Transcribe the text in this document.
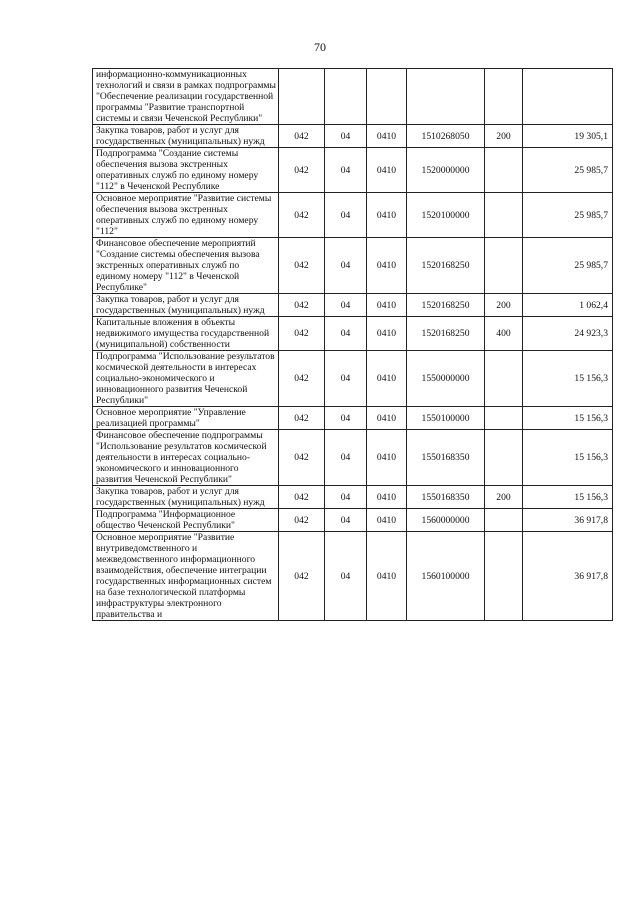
70
информационно-коммуникационных технологий и связи в рамках подпрограммы "Обеспечение реализации государственной программы "Развитие транспортной системы и связи Чеченской Республики"						
Закупка товаров, работ и услуг для государственных (муниципальных) нужд	042	04	0410	1510268050	200	19 305,1
Подпрограмма "Создание системы обеспечения вызова экстренных оперативных служб по единому номеру "112" в Чеченской Республике	042	04	0410	1520000000		25 985,7
Основное мероприятие "Развитие системы обеспечения вызова экстренных оперативных служб по единому номеру "112"	042	04	0410	1520100000		25 985,7
Финансовое обеспечение мероприятий "Создание системы обеспечения вызова экстренных оперативных служб по единому номеру "112" в Чеченской Республике"	042	04	0410	1520168250		25 985,7
Закупка товаров, работ и услуг для государственных (муниципальных) нужд	042	04	0410	1520168250	200	1 062,4
Капитальные вложения в объекты недвижимого имущества государственной (муниципальной) собственности	042	04	0410	1520168250	400	24 923,3
Подпрограмма "Использование результатов космической деятельности в интересах социально-экономического и инновационного развития Чеченской Республики"	042	04	0410	1550000000		15 156,3
Основное мероприятие "Управление реализацией программы"	042	04	0410	1550100000		15 156,3
Финансовое обеспечение подпрограммы "Использование результатов космической деятельности в интересах социально-экономического и инновационного развития Чеченской Республики"	042	04	0410	1550168350		15 156,3
Закупка товаров, работ и услуг для государственных (муниципальных) нужд	042	04	0410	1550168350	200	15 156,3
Подпрограмма "Информационное общество Чеченской Республики"	042	04	0410	1560000000		36 917,8
Основное мероприятие "Развитие внутриведомственного и межведомственного информационного взаимодействия, обеспечение интеграции государственных информационных систем на базе технологической платформы инфраструктуры электронного правительства и	042	04	0410	1560100000		36 917,8
